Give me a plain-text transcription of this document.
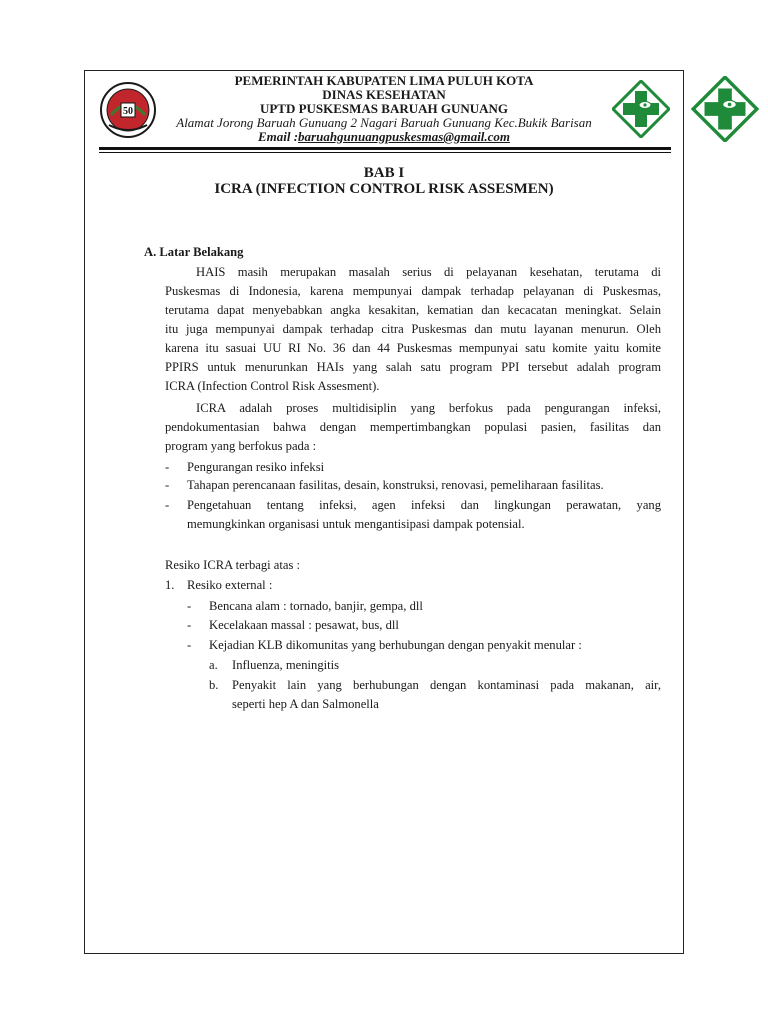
50
PEMERINTAH KABUPATEN LIMA PULUH KOTA
DINAS KESEHATAN
UPTD PUSKESMAS BARUAH GUNUANG
Alamat Jorong Baruah Gunuang 2 Nagari Baruah Gunuang Kec.Bukik Barisan
Email :baruahgunuangpuskesmas@gmail.com
BAB I
ICRA (INFECTION CONTROL RISK ASSESMEN)
A. Latar Belakang
HAIS masih merupakan masalah serius di pelayanan kesehatan, terutama di
Puskesmas di Indonesia, karena mempunyai dampak terhadap pelayanan di Puskesmas,
terutama dapat menyebabkan angka kesakitan, kematian dan kecacatan meningkat. Selain
itu juga mempunyai dampak terhadap citra Puskesmas dan mutu layanan menurun. Oleh
karena itu sasuai UU RI No. 36 dan 44 Puskesmas mempunyai satu komite yaitu komite
PPIRS untuk menurunkan HAIs yang salah satu program PPI tersebut adalah program
ICRA (Infection Control Risk Assesment).
ICRA adalah proses multidisiplin yang berfokus pada pengurangan infeksi,
pendokumentasian bahwa dengan mempertimbangkan populasi pasien, fasilitas dan
program yang berfokus pada :
- Pengurangan resiko infeksi
- Tahapan perencanaan fasilitas, desain, konstruksi, renovasi, pemeliharaan fasilitas.
- Pengetahuan tentang infeksi, agen infeksi dan lingkungan perawatan, yang
memungkinkan organisasi untuk mengantisipasi dampak potensial.
Resiko ICRA terbagi atas :
1. Resiko external :
- Bencana alam : tornado, banjir, gempa, dll
- Kecelakaan massal : pesawat, bus, dll
- Kejadian KLB dikomunitas yang berhubungan dengan penyakit menular :
a. Influenza, meningitis
b. Penyakit lain yang berhubungan dengan kontaminasi pada makanan, air,
seperti hep A dan Salmonella
